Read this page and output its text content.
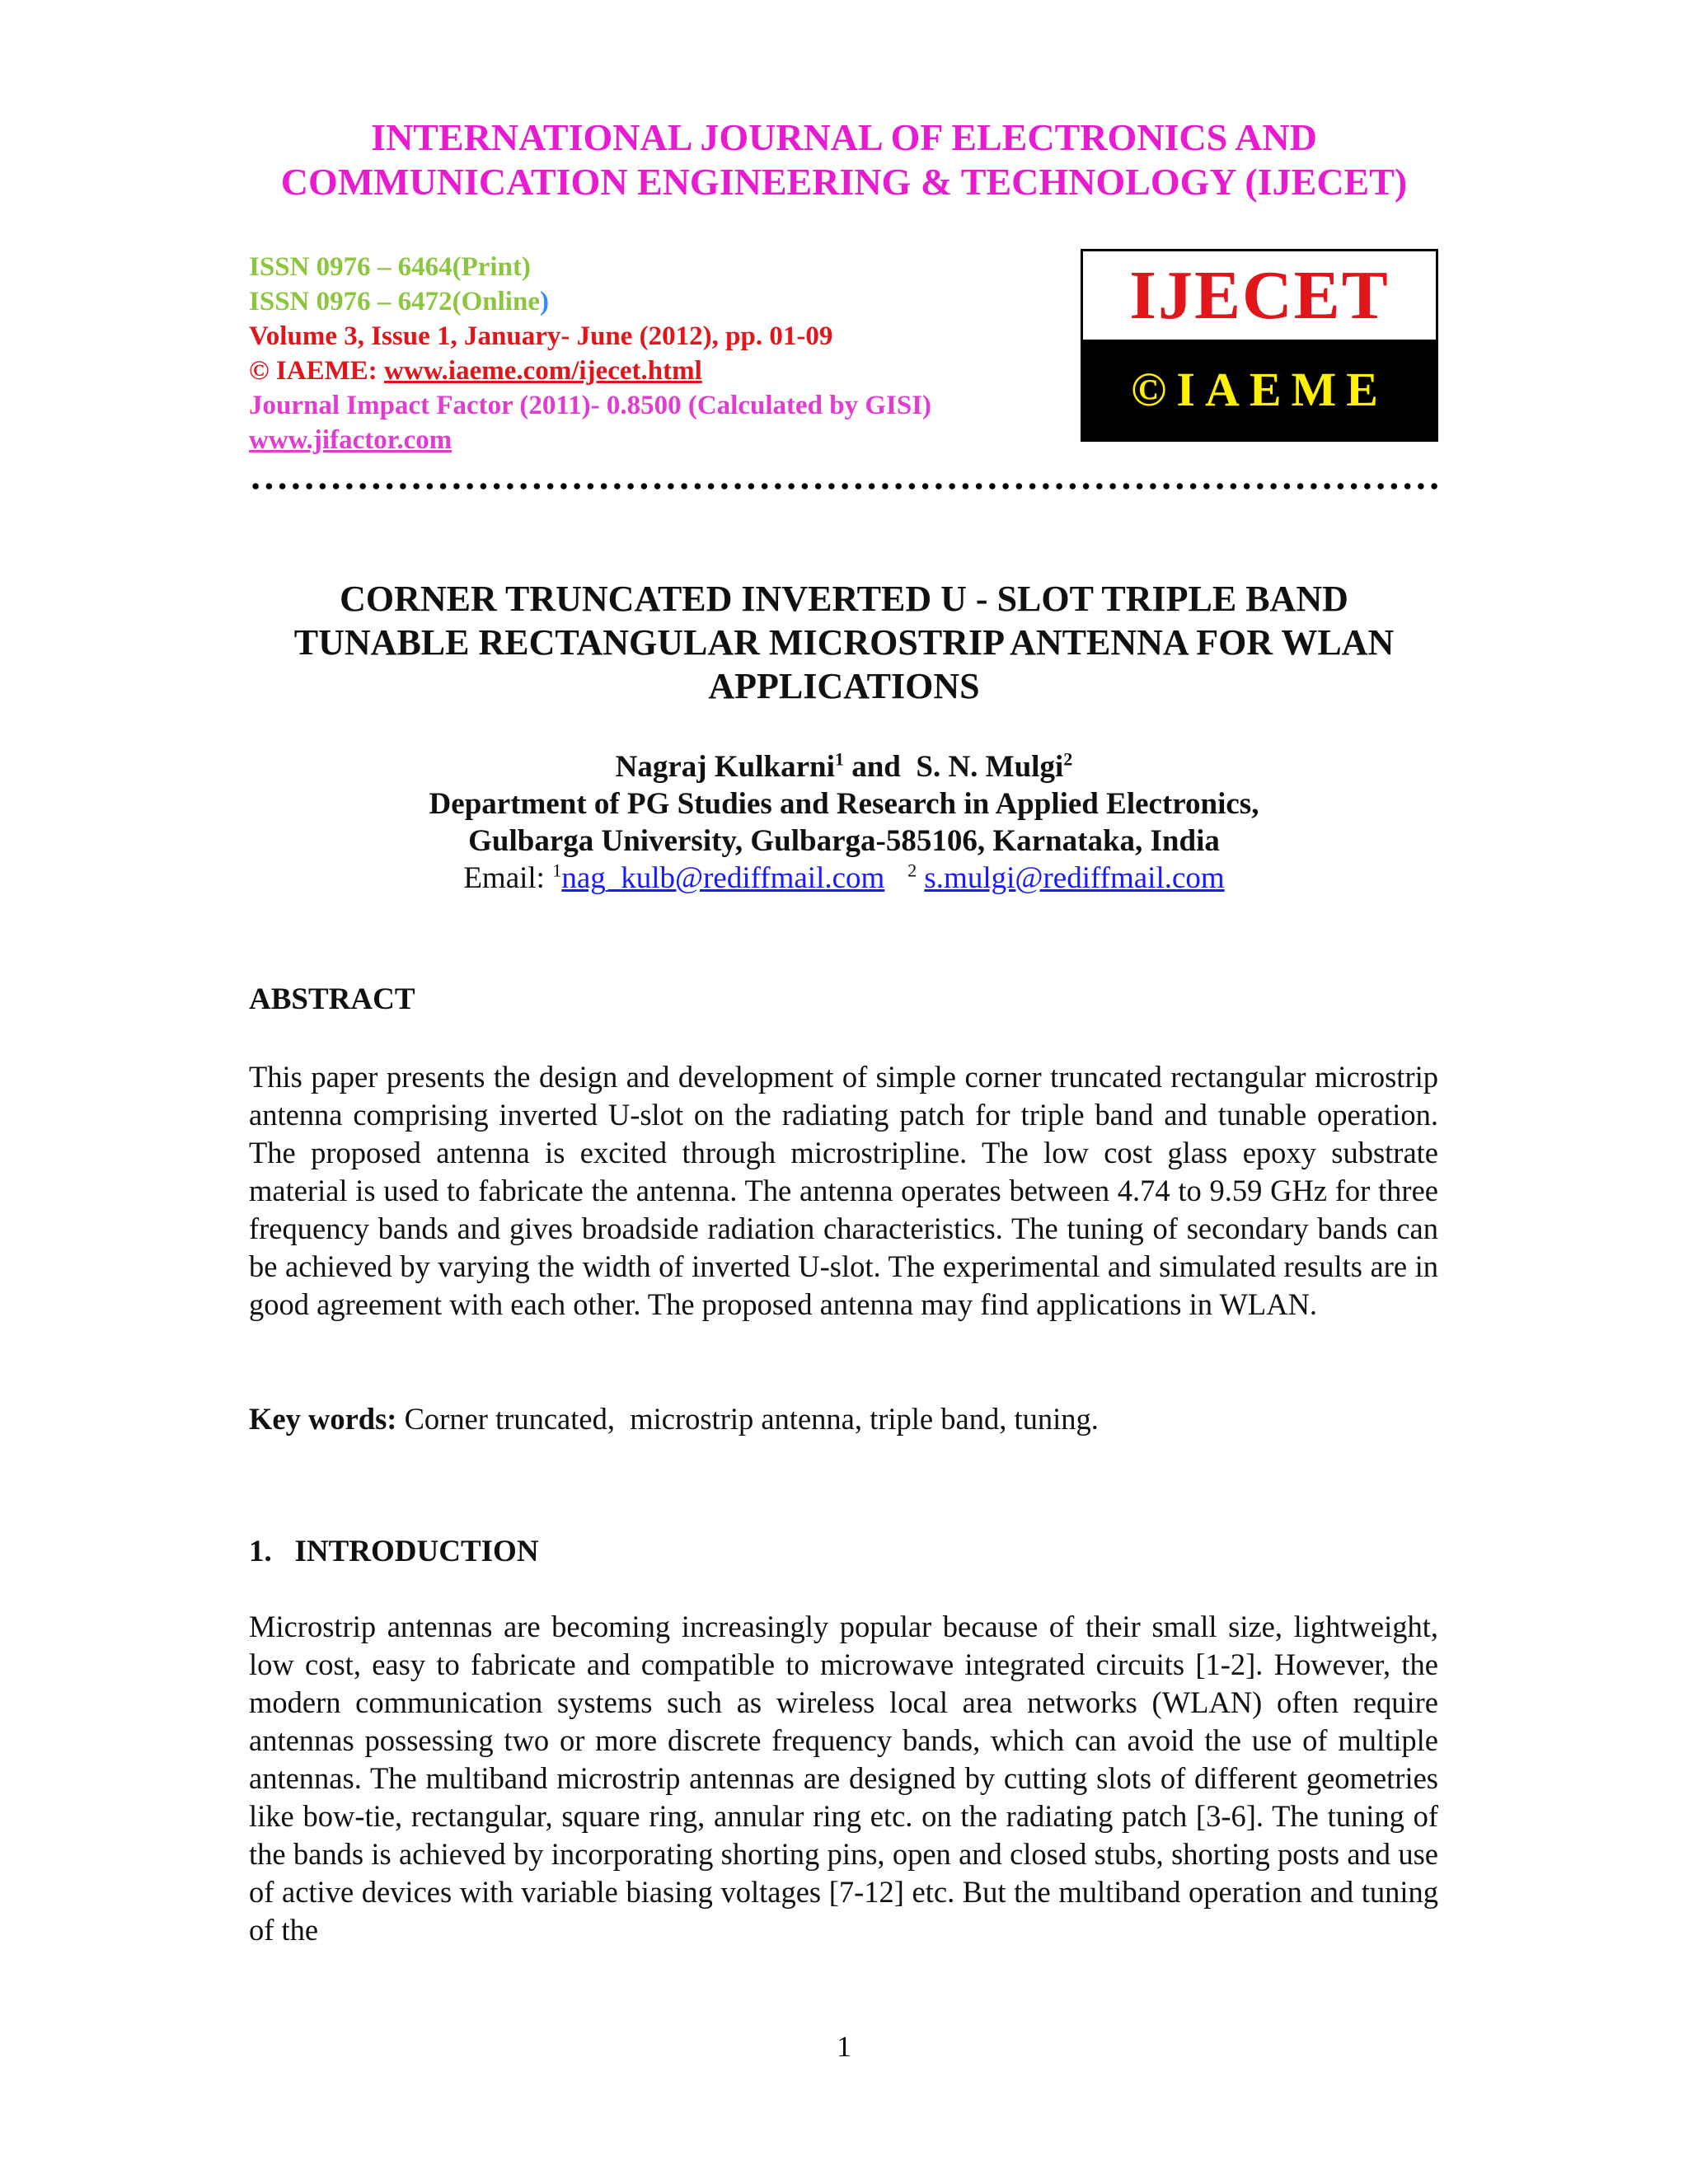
INTERNATIONAL JOURNAL OF ELECTRONICS AND
COMMUNICATION ENGINEERING & TECHNOLOGY (IJECET)
ISSN 0976 – 6464(Print)
ISSN 0976 – 6472(Online)
Volume 3, Issue 1, January- June (2012), pp. 01-09
© IAEME: www.iaeme.com/ijecet.html
Journal Impact Factor (2011)- 0.8500 (Calculated by GISI)
www.jifactor.com
IJECET
©IAEME
CORNER TRUNCATED INVERTED U - SLOT TRIPLE BAND
TUNABLE RECTANGULAR MICROSTRIP ANTENNA FOR WLAN
APPLICATIONS
Nagraj Kulkarni$^1$ and  S. N. Mulgi$^2$
Department of PG Studies and Research in Applied Electronics,
Gulbarga University, Gulbarga-585106, Karnataka, India
Email: $^1$nag_kulb@rediffmail.com $^2$ s.mulgi@rediffmail.com
ABSTRACT
This paper presents the design and development of simple corner truncated rectangular microstrip antenna comprising inverted U-slot on the radiating patch for triple band and tunable operation. The proposed antenna is excited through microstripline. The low cost glass epoxy substrate material is used to fabricate the antenna. The antenna operates between 4.74 to 9.59 GHz for three frequency bands and gives broadside radiation characteristics. The tuning of secondary bands can be achieved by varying the width of inverted U-slot. The experimental and simulated results are in good agreement with each other. The proposed antenna may find applications in WLAN.
Key words: Corner truncated,  microstrip antenna, triple band, tuning.
1.   INTRODUCTION
Microstrip antennas are becoming increasingly popular because of their small size, lightweight, low cost, easy to fabricate and compatible to microwave integrated circuits [1-2]. However, the modern communication systems such as wireless local area networks (WLAN) often require antennas possessing two or more discrete frequency bands, which can avoid the use of multiple antennas. The multiband microstrip antennas are designed by cutting slots of different geometries like bow-tie, rectangular, square ring, annular ring etc. on the radiating patch [3-6]. The tuning of the bands is achieved by incorporating shorting pins, open and closed stubs, shorting posts and use of active devices with variable biasing voltages [7-12] etc. But the multiband operation and tuning of the
1
